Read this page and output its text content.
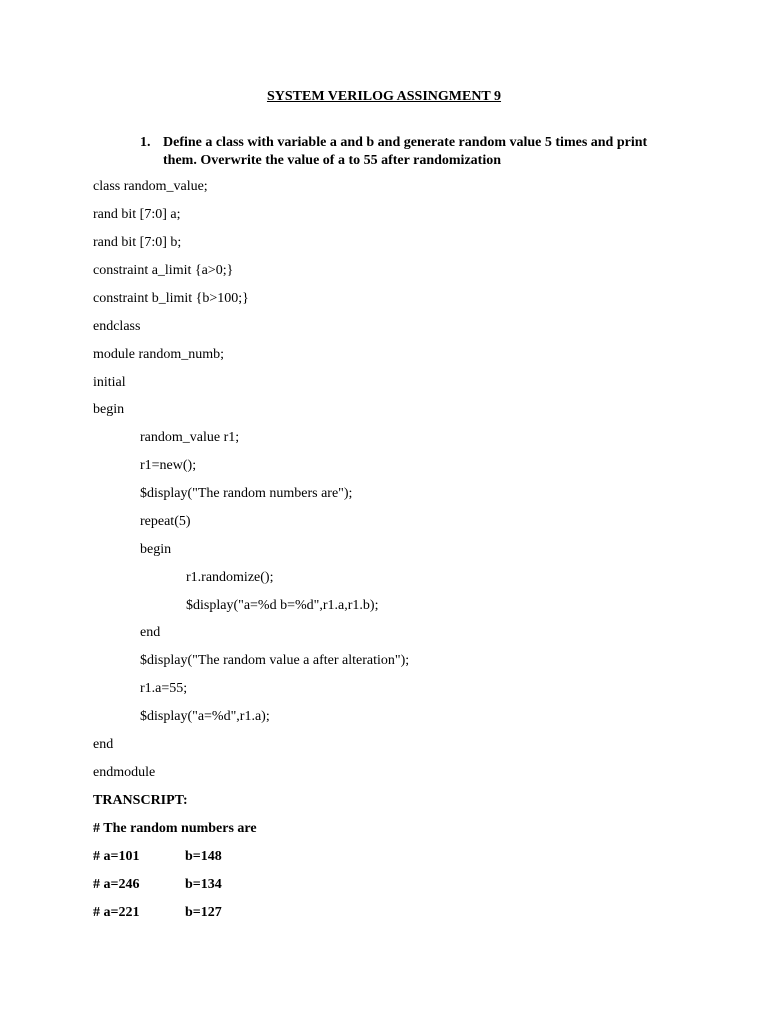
SYSTEM VERILOG ASSINGMENT 9
1. Define a class with variable a and b and generate random value 5 times and print them. Overwrite the value of a to 55 after randomization
class random_value;
rand bit [7:0] a;
rand bit [7:0] b;
constraint a_limit {a>0;}
constraint b_limit {b>100;}
endclass
module random_numb;
initial
begin
random_value r1;
r1=new();
$display("The random numbers are");
repeat(5)
begin
r1.randomize();
$display("a=%d b=%d",r1.a,r1.b);
end
$display("The random value a after alteration");
r1.a=55;
$display("a=%d",r1.a);
end
endmodule
TRANSCRIPT:
# The random numbers are
# a=101	b=148
# a=246	b=134
# a=221	b=127
